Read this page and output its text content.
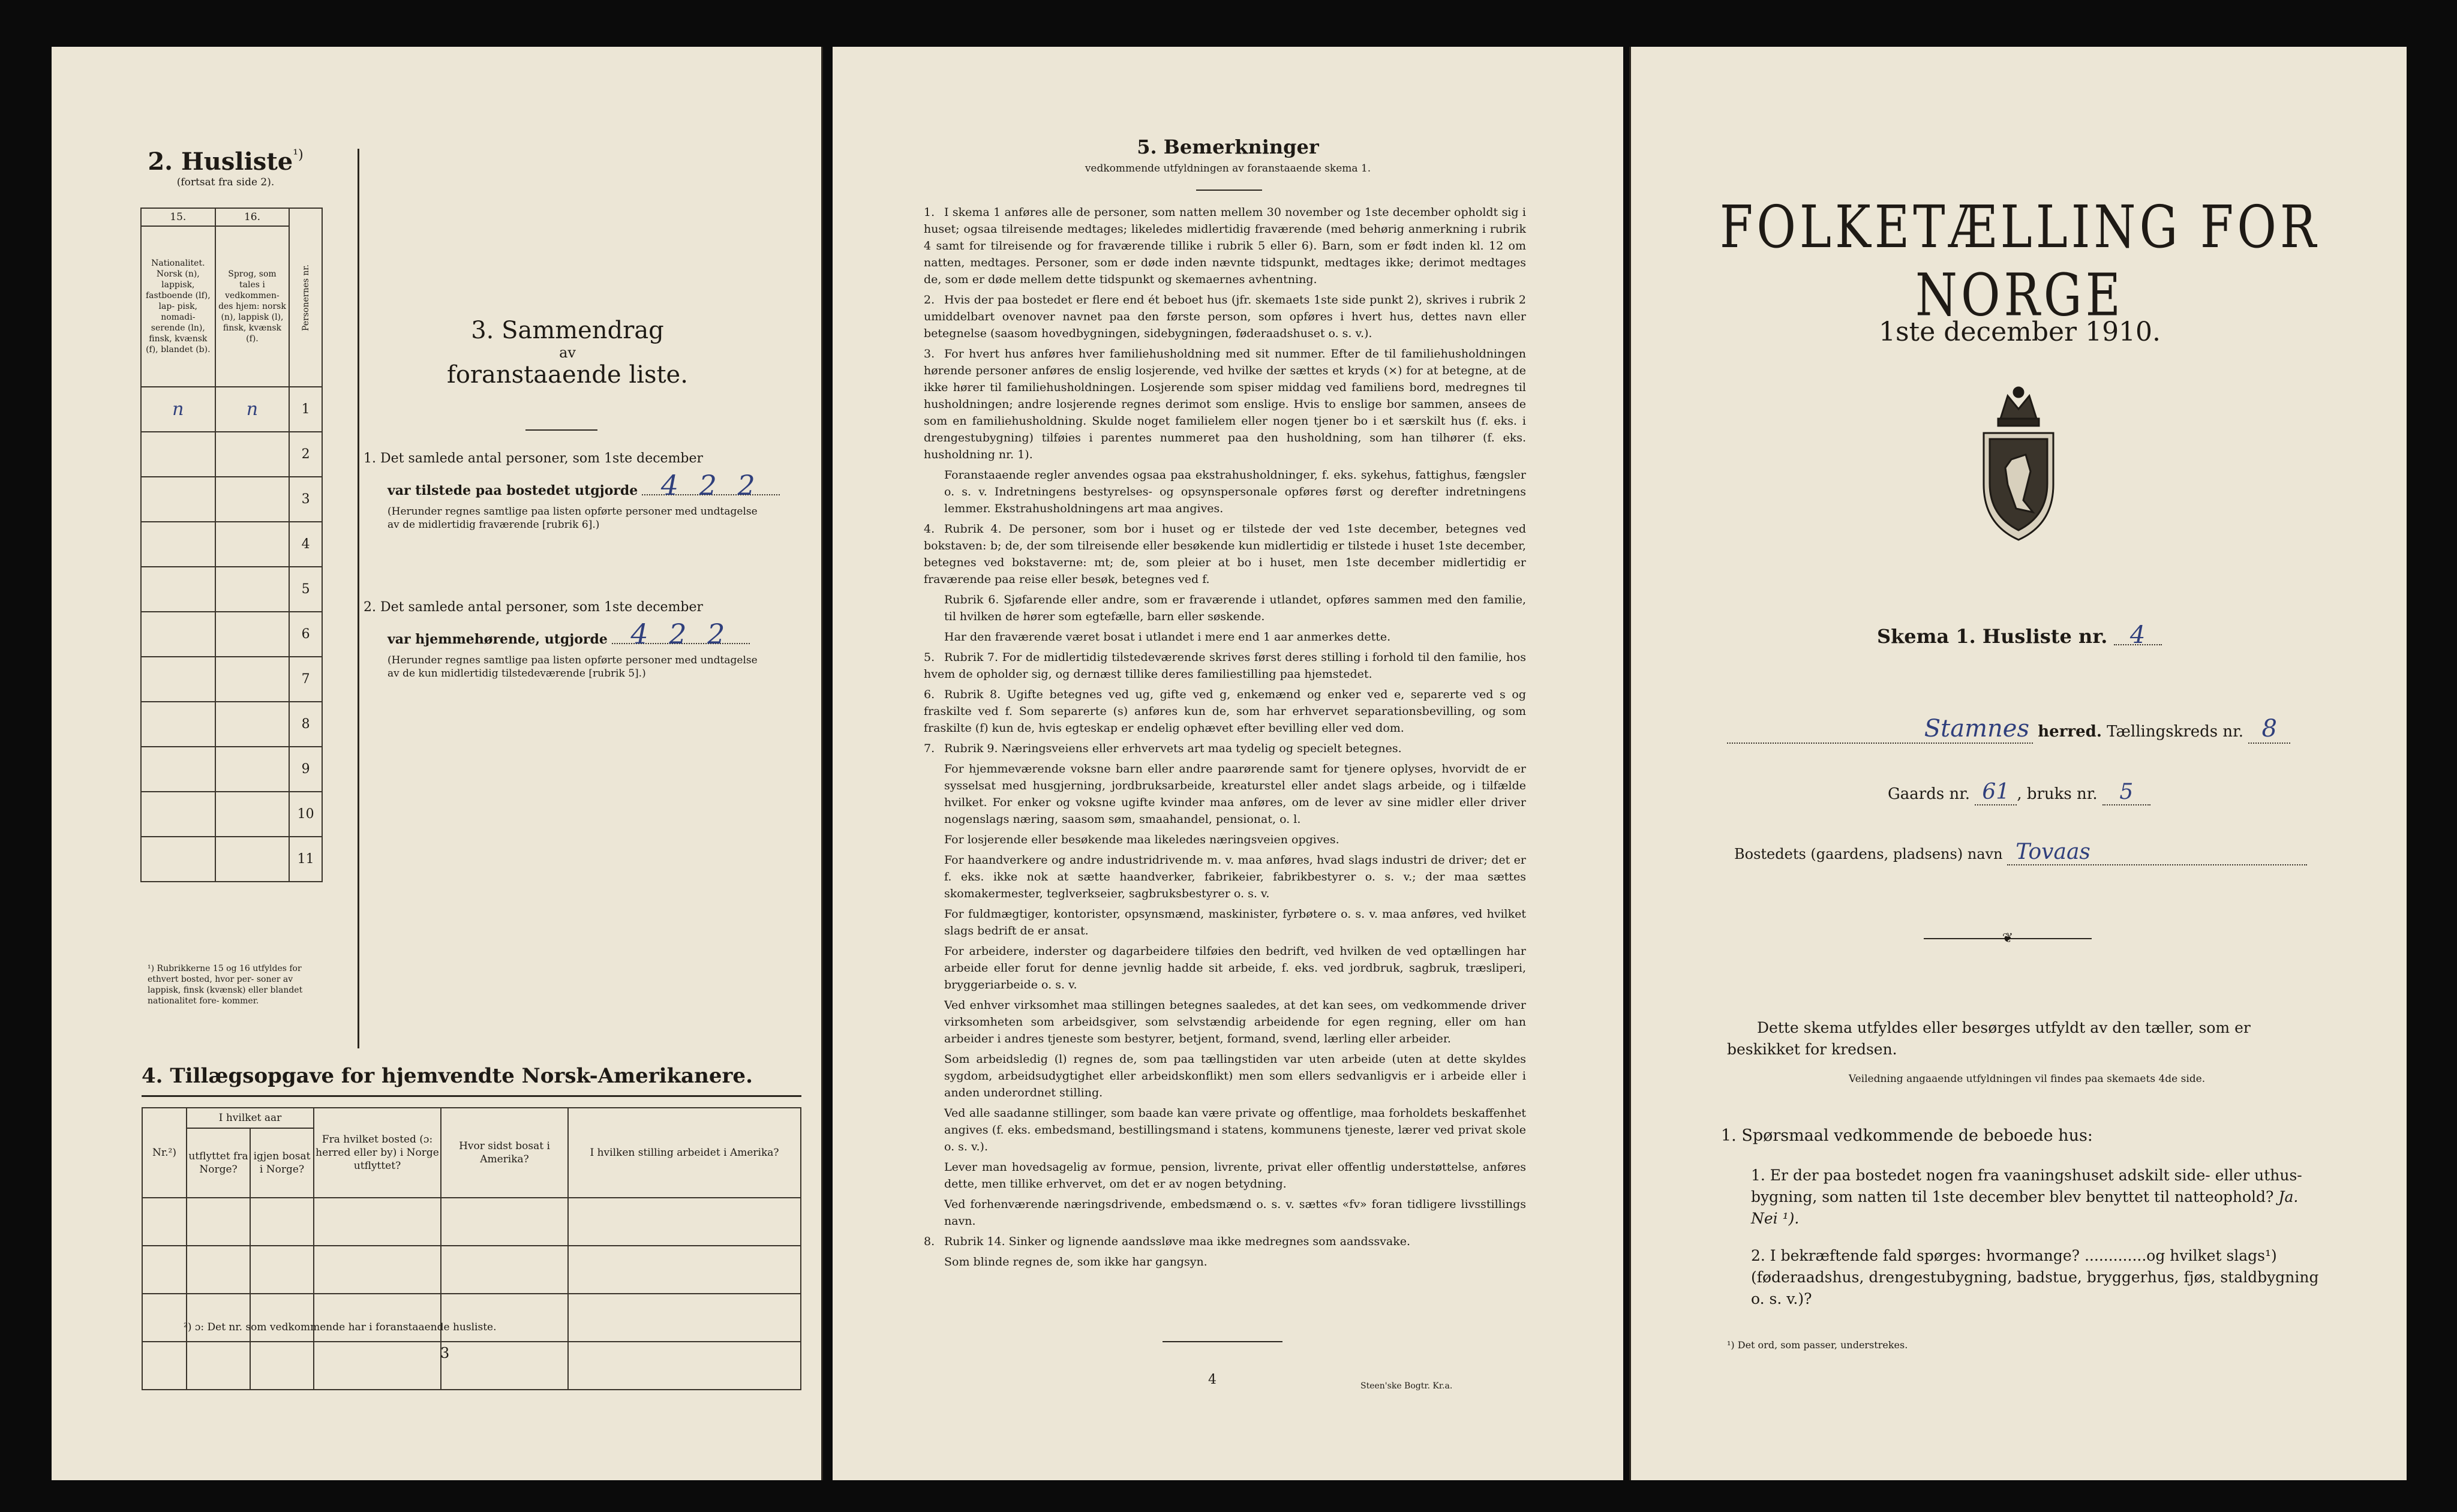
2. Husliste¹)
(fortsat fra side 2).
15.	16.	Personernes nr.

Nationalitet. Norsk (n), lappisk, fastboende (lf), lap- pisk, nomadi- serende (ln), finsk, kvænsk (f), blandet (b).	Sprog, som tales i vedkommen- des hjem: norsk (n), lappisk (l), finsk, kvænsk (f).	
n	n	1
		2
		3
		4
		5
		6
		7
		8
		9
		10
		11
¹) Rubrikkerne 15 og 16 utfyldes for ethvert bosted, hvor per- soner av lappisk, finsk (kvænsk) eller blandet nationalitet fore- kommer.
3. Sammendrag
av
foranstaaende liste.
1. Det samlede antal personer, som 1ste december
var tilstede paa bostedet utgjorde 4 2 2
(Herunder regnes samtlige paa listen opførte personer med undtagelse av de midlertidig fraværende [rubrik 6].)
2. Det samlede antal personer, som 1ste december
var hjemmehørende, utgjorde 4 2 2
(Herunder regnes samtlige paa listen opførte personer med undtagelse av de kun midlertidig tilstedeværende [rubrik 5].)
4. Tillægsopgave for hjemvendte Norsk-Amerikanere.
Nr.²)	I hvilket aar		Fra hvilket bosted (ɔ: herred eller by) i Norge utflyttet?	Hvor sidst bosat i Amerika?	I hvilken stilling arbeidet i Amerika?
	utflyttet fra Norge?	igjen bosat i Norge?			

²) ɔ: Det nr. som vedkommende har i foranstaaende husliste.
3
5. Bemerkninger
vedkommende utfyldningen av foranstaaende skema 1.

1. I skema 1 anføres alle de personer, som natten mellem 30 november og 1ste december opholdt sig i huset; ogsaa tilreisende medtages; likeledes midlertidig fraværende (med behørig anmerkning i rubrik 4 samt for tilreisende og for fraværende tillike i rubrik 5 eller 6). Barn, som er født inden kl. 12 om natten, medtages. Personer, som er døde inden nævnte tidspunkt, medtages ikke; derimot medtages de, som er døde mellem dette tidspunkt og skemaernes avhentning.

2. Hvis der paa bostedet er flere end ét beboet hus (jfr. skemaets 1ste side punkt 2), skrives i rubrik 2 umiddelbart ovenover navnet paa den første person, som opføres i hvert hus, dettes navn eller betegnelse (saasom hovedbygningen, sidebygningen, føderaadshuset o. s. v.).

3. For hvert hus anføres hver familiehusholdning med sit nummer. Efter de til familiehusholdningen hørende personer anføres de enslig losjerende, ved hvilke der sættes et kryds (×) for at betegne, at de ikke hører til familiehusholdningen. Losjerende som spiser middag ved familiens bord, medregnes til husholdningen; andre losjerende regnes derimot som enslige. Hvis to enslige bor sammen, ansees de som en familiehusholdning. Skulde noget familielem eller nogen tjener bo i et særskilt hus (f. eks. i drengestubygning) tilføies i parentes nummeret paa den husholdning, som han tilhører (f. eks. husholdning nr. 1).

Foranstaaende regler anvendes ogsaa paa ekstrahusholdninger, f. eks. sykehus, fattighus, fængsler o. s. v. Indretningens bestyrelses- og opsynspersonale opføres først og derefter indretningens lemmer. Ekstrahusholdningens art maa angives.

4. Rubrik 4. De personer, som bor i huset og er tilstede der ved 1ste december, betegnes ved bokstaven: b; de, der som tilreisende eller besøkende kun midlertidig er tilstede i huset 1ste december, betegnes ved bokstaverne: mt; de, som pleier at bo i huset, men 1ste december midlertidig er fraværende paa reise eller besøk, betegnes ved f.

Rubrik 6. Sjøfarende eller andre, som er fraværende i utlandet, opføres sammen med den familie, til hvilken de hører som egtefælle, barn eller søskende.

Har den fraværende været bosat i utlandet i mere end 1 aar anmerkes dette.

5. Rubrik 7. For de midlertidig tilstedeværende skrives først deres stilling i forhold til den familie, hos hvem de opholder sig, og dernæst tillike deres familiestilling paa hjemstedet.

6. Rubrik 8. Ugifte betegnes ved ug, gifte ved g, enkemænd og enker ved e, separerte ved s og fraskilte ved f. Som separerte (s) anføres kun de, som har erhvervet separationsbevilling, og som fraskilte (f) kun de, hvis egteskap er endelig ophævet efter bevilling eller ved dom.

7. Rubrik 9. Næringsveiens eller erhvervets art maa tydelig og specielt betegnes.

For hjemmeværende voksne barn eller andre paarørende samt for tjenere oplyses, hvorvidt de er sysselsat med husgjerning, jordbruksarbeide, kreaturstel eller andet slags arbeide, og i tilfælde hvilket. For enker og voksne ugifte kvinder maa anføres, om de lever av sine midler eller driver nogenslags næring, saasom søm, smaahandel, pensionat, o. l.

For losjerende eller besøkende maa likeledes næringsveien opgives.

For haandverkere og andre industridrivende m. v. maa anføres, hvad slags industri de driver; det er f. eks. ikke nok at sætte haandverker, fabrikeier, fabrikbestyrer o. s. v.; der maa sættes skomakermester, teglverkseier, sagbruksbestyrer o. s. v.

For fuldmægtiger, kontorister, opsynsmænd, maskinister, fyrbøtere o. s. v. maa anføres, ved hvilket slags bedrift de er ansat.

For arbeidere, inderster og dagarbeidere tilføies den bedrift, ved hvilken de ved optællingen har arbeide eller forut for denne jevnlig hadde sit arbeide, f. eks. ved jordbruk, sagbruk, træsliperi, bryggeriarbeide o. s. v.

Ved enhver virksomhet maa stillingen betegnes saaledes, at det kan sees, om vedkommende driver virksomheten som arbeidsgiver, som selvstændig arbeidende for egen regning, eller om han arbeider i andres tjeneste som bestyrer, betjent, formand, svend, lærling eller arbeider.

Som arbeidsledig (l) regnes de, som paa tællingstiden var uten arbeide (uten at dette skyldes sygdom, arbeidsudygtighet eller arbeidskonflikt) men som ellers sedvanligvis er i arbeide eller i anden underordnet stilling.

Ved alle saadanne stillinger, som baade kan være private og offentlige, maa forholdets beskaffenhet angives (f. eks. embedsmand, bestillingsmand i statens, kommunens tjeneste, lærer ved privat skole o. s. v.).

Lever man hovedsagelig av formue, pension, livrente, privat eller offentlig understøttelse, anføres dette, men tillike erhvervet, om det er av nogen betydning.

Ved forhenværende næringsdrivende, embedsmænd o. s. v. sættes «fv» foran tidligere livsstillings navn.

8. Rubrik 14. Sinker og lignende aandssløve maa ikke medregnes som aandssvake.

Som blinde regnes de, som ikke har gangsyn.

4	Steen'ske Bogtr. Kr.a.
FOLKETÆLLING FOR NORGE
1ste december 1910.
Skema 1. Husliste nr. 4
Stamnes herred. Tællingskreds nr. 8
Gaards nr. 61 , bruks nr. 5
Bostedets (gaardens, pladsens) navn Tovaas
❦
Dette skema utfyldes eller besørges utfyldt av den tæller, som er beskikket for kredsen.
Veiledning angaaende utfyldningen vil findes paa skemaets 4de side.
1. Spørsmaal vedkommende de beboede hus:
1. Er der paa bostedet nogen fra vaaningshuset adskilt side- eller uthus-bygning, som natten til 1ste december blev benyttet til natteophold? Ja. Nei ¹).
2. I bekræftende fald spørges: hvormange? .............og hvilket slags¹) (føderaadshus, drengestubygning, badstue, bryggerhus, fjøs, staldbygning o. s. v.)?
¹) Det ord, som passer, understrekes.
